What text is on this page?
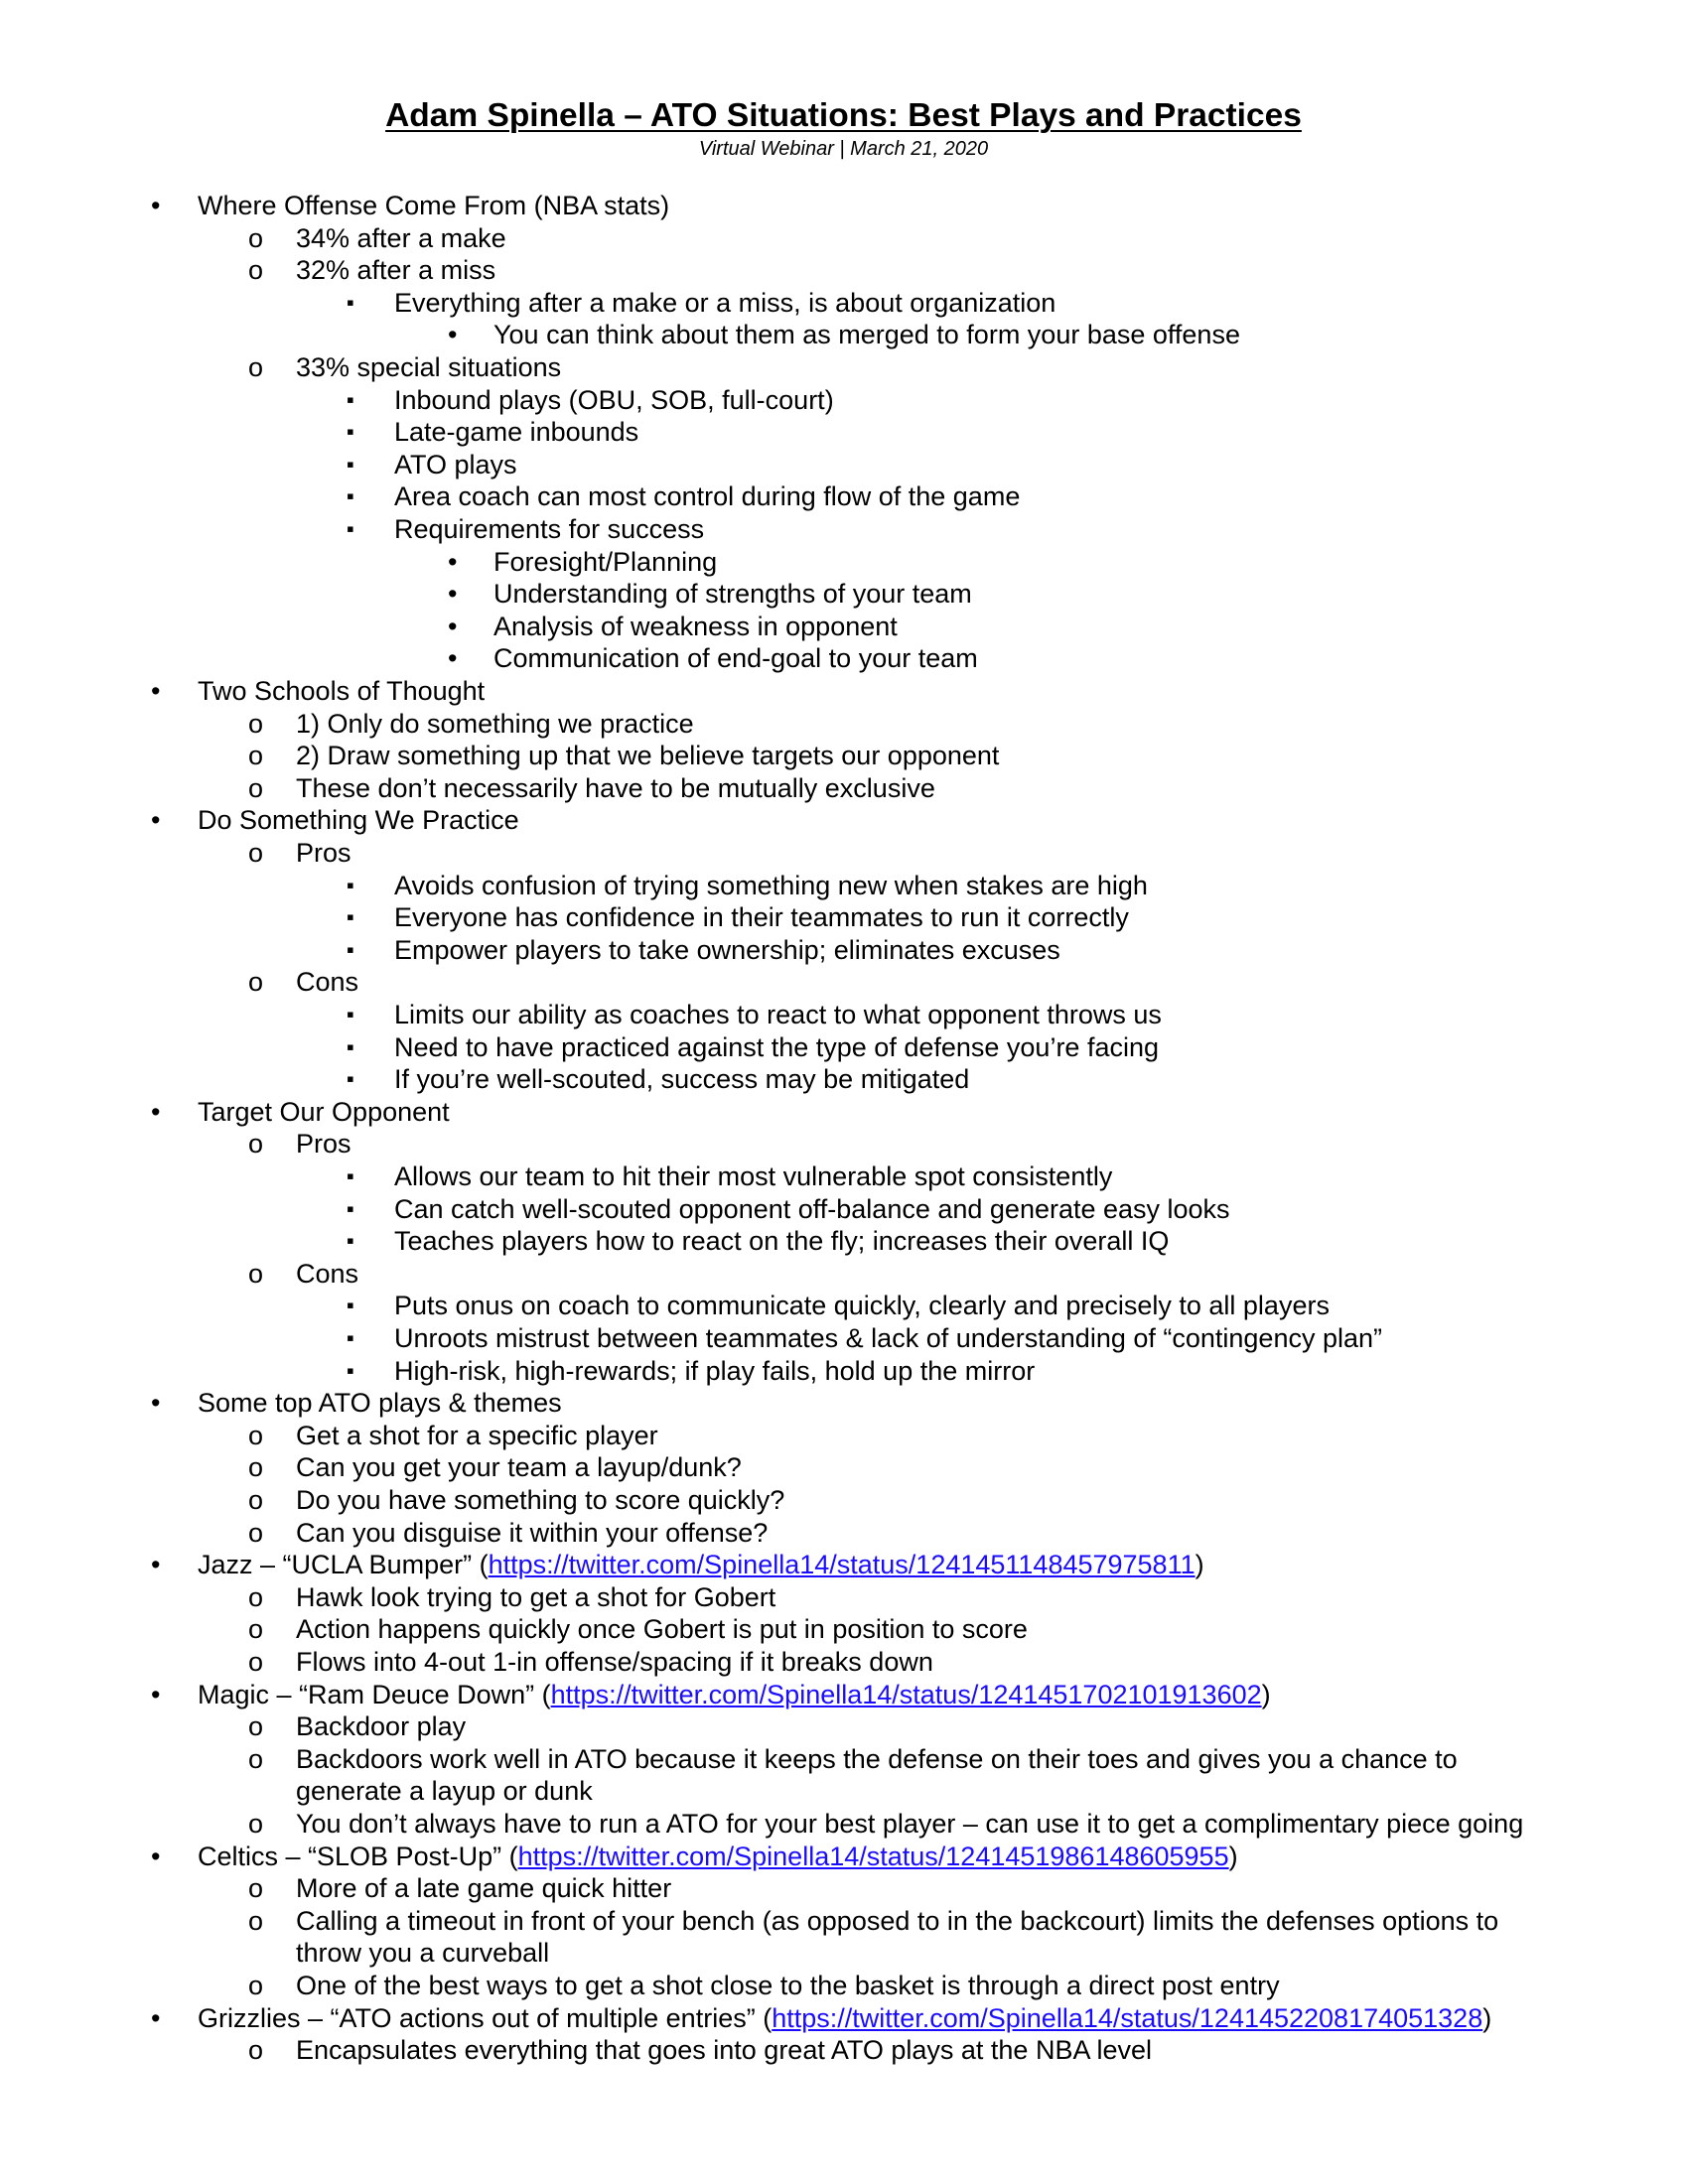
Adam Spinella – ATO Situations: Best Plays and Practices
Virtual Webinar | March 21, 2020
• Where Offense Come From (NBA stats)
o 34% after a make
o 32% after a miss
▪ Everything after a make or a miss, is about organization
• You can think about them as merged to form your base offense
o 33% special situations
▪ Inbound plays (OBU, SOB, full-court)
▪ Late-game inbounds
▪ ATO plays
▪ Area coach can most control during flow of the game
▪ Requirements for success
• Foresight/Planning
• Understanding of strengths of your team
• Analysis of weakness in opponent
• Communication of end-goal to your team
• Two Schools of Thought
o 1) Only do something we practice
o 2) Draw something up that we believe targets our opponent
o These don’t necessarily have to be mutually exclusive
• Do Something We Practice
o Pros
▪ Avoids confusion of trying something new when stakes are high
▪ Everyone has confidence in their teammates to run it correctly
▪ Empower players to take ownership; eliminates excuses
o Cons
▪ Limits our ability as coaches to react to what opponent throws us
▪ Need to have practiced against the type of defense you’re facing
▪ If you’re well-scouted, success may be mitigated
• Target Our Opponent
o Pros
▪ Allows our team to hit their most vulnerable spot consistently
▪ Can catch well-scouted opponent off-balance and generate easy looks
▪ Teaches players how to react on the fly; increases their overall IQ
o Cons
▪ Puts onus on coach to communicate quickly, clearly and precisely to all players
▪ Unroots mistrust between teammates & lack of understanding of “contingency plan”
▪ High-risk, high-rewards; if play fails, hold up the mirror
• Some top ATO plays & themes
o Get a shot for a specific player
o Can you get your team a layup/dunk?
o Do you have something to score quickly?
o Can you disguise it within your offense?
• Jazz – “UCLA Bumper” (https://twitter.com/Spinella14/status/1241451148457975811)
o Hawk look trying to get a shot for Gobert
o Action happens quickly once Gobert is put in position to score
o Flows into 4-out 1-in offense/spacing if it breaks down
• Magic – “Ram Deuce Down” (https://twitter.com/Spinella14/status/1241451702101913602)
o Backdoor play
o Backdoors work well in ATO because it keeps the defense on their toes and gives you a chance to
generate a layup or dunk
o You don’t always have to run a ATO for your best player – can use it to get a complimentary piece going
• Celtics – “SLOB Post-Up” (https://twitter.com/Spinella14/status/1241451986148605955)
o More of a late game quick hitter
o Calling a timeout in front of your bench (as opposed to in the backcourt) limits the defenses options to
throw you a curveball
o One of the best ways to get a shot close to the basket is through a direct post entry
• Grizzlies – “ATO actions out of multiple entries” (https://twitter.com/Spinella14/status/1241452208174051328)
o Encapsulates everything that goes into great ATO plays at the NBA level
